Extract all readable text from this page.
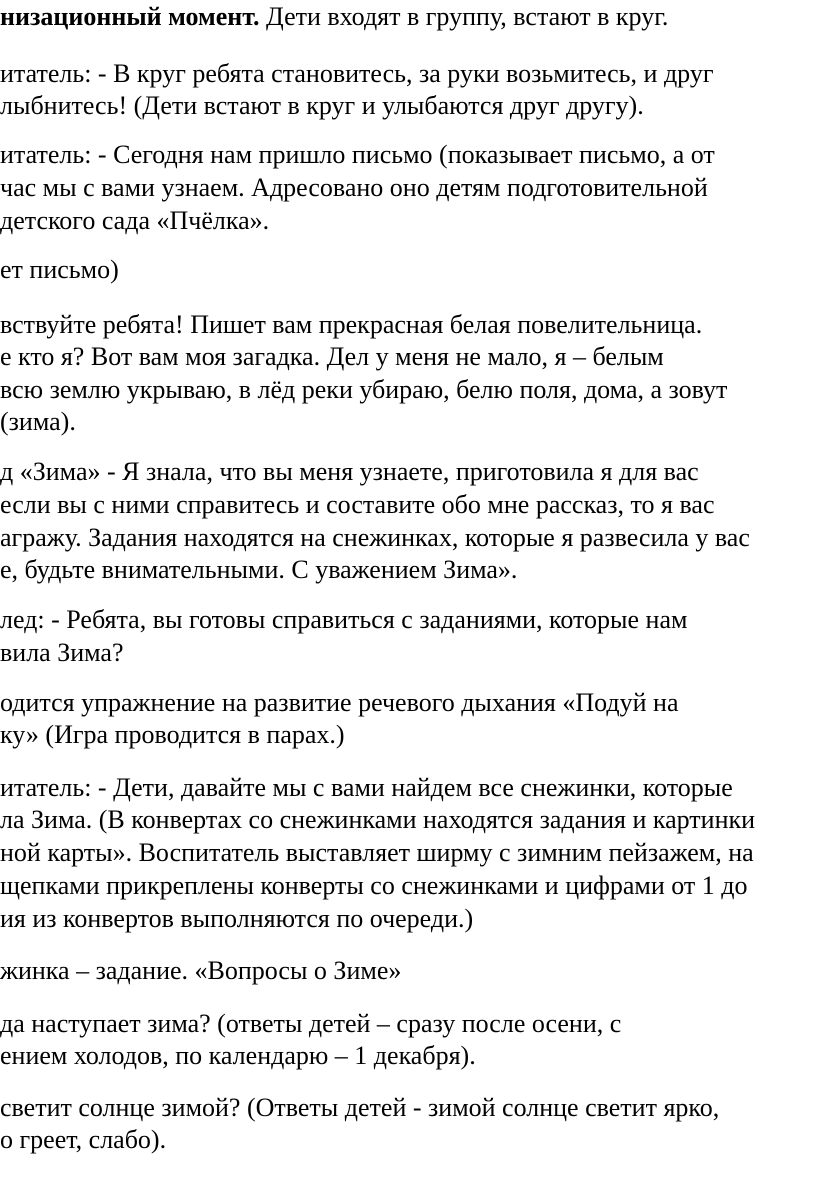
низационный момент. Дети входят в группу, встают в круг.

итатель: - В круг ребята становитесь, за руки возьмитесь, и друг

лыбнитесь! (Дети встают в круг и улыбаются друг другу).

итатель: - Сегодня нам пришло письмо (показывает письмо, а от

час мы с вами узнаем. Адресовано оно детям подготовительной

детского сада «Пчёлка».

ет письмо)

вствуйте ребята! Пишет вам прекрасная белая повелительница.

е кто я? Вот вам моя загадка. Дел у меня не мало, я – белым

всю землю укрываю, в лёд реки убираю, белю поля, дома, а зовут

(зима).

д «Зима» - Я знала, что вы меня узнаете, приготовила я для вас

если вы с ними справитесь и составите обо мне рассказ, то я вас

агражу. Задания находятся на снежинках, которые я развесила у вас

е, будьте внимательными. С уважением Зима».

лед: - Ребята, вы готовы справиться с заданиями, которые нам

вила Зима?

одится упражнение на развитие речевого дыхания «Подуй на

ку» (Игра проводится в парах.)

итатель: - Дети, давайте мы с вами найдем все снежинки, которые

ла Зима. (В конвертах со снежинками находятся задания и картинки

ной карты». Воспитатель выставляет ширму с зимним пейзажем, на

щепками прикреплены конверты со снежинками и цифрами от 1 до

ия из конвертов выполняются по очереди.)

жинка – задание. «Вопросы о Зиме»

да наступает зима? (ответы детей – сразу после осени, с

ением холодов, по календарю – 1 декабря).

светит солнце зимой? (Ответы детей - зимой солнце светит ярко,

о греет, слабо).
